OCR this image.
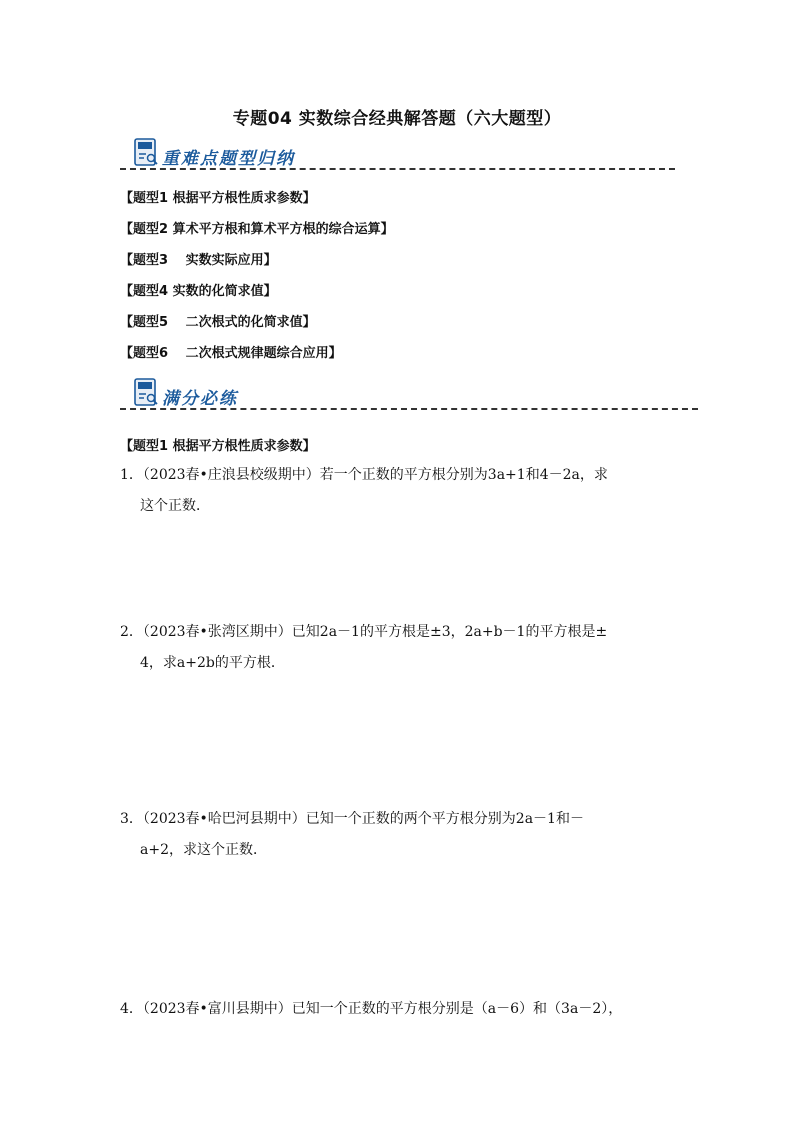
专题04 实数综合经典解答题（六大题型）
重难点题型归纳
【题型1 根据平方根性质求参数】
【题型2 算术平方根和算术平方根的综合运算】
【题型3 　实数实际应用】
【题型4 实数的化简求值】
【题型5 　二次根式的化简求值】
【题型6 　二次根式规律题综合应用】
满分必练
【题型1 根据平方根性质求参数】
1．（2023春•庄浪县校级期中）若一个正数的平方根分别为3a+1和4－2a，求
这个正数．
2．（2023春•张湾区期中）已知2a－1的平方根是±3，2a+b－1的平方根是±
4，求a+2b的平方根．
3．（2023春•哈巴河县期中）已知一个正数的两个平方根分别为2a－1和－
a+2，求这个正数．
4．（2023春•富川县期中）已知一个正数的平方根分别是（a－6）和（3a－2），
